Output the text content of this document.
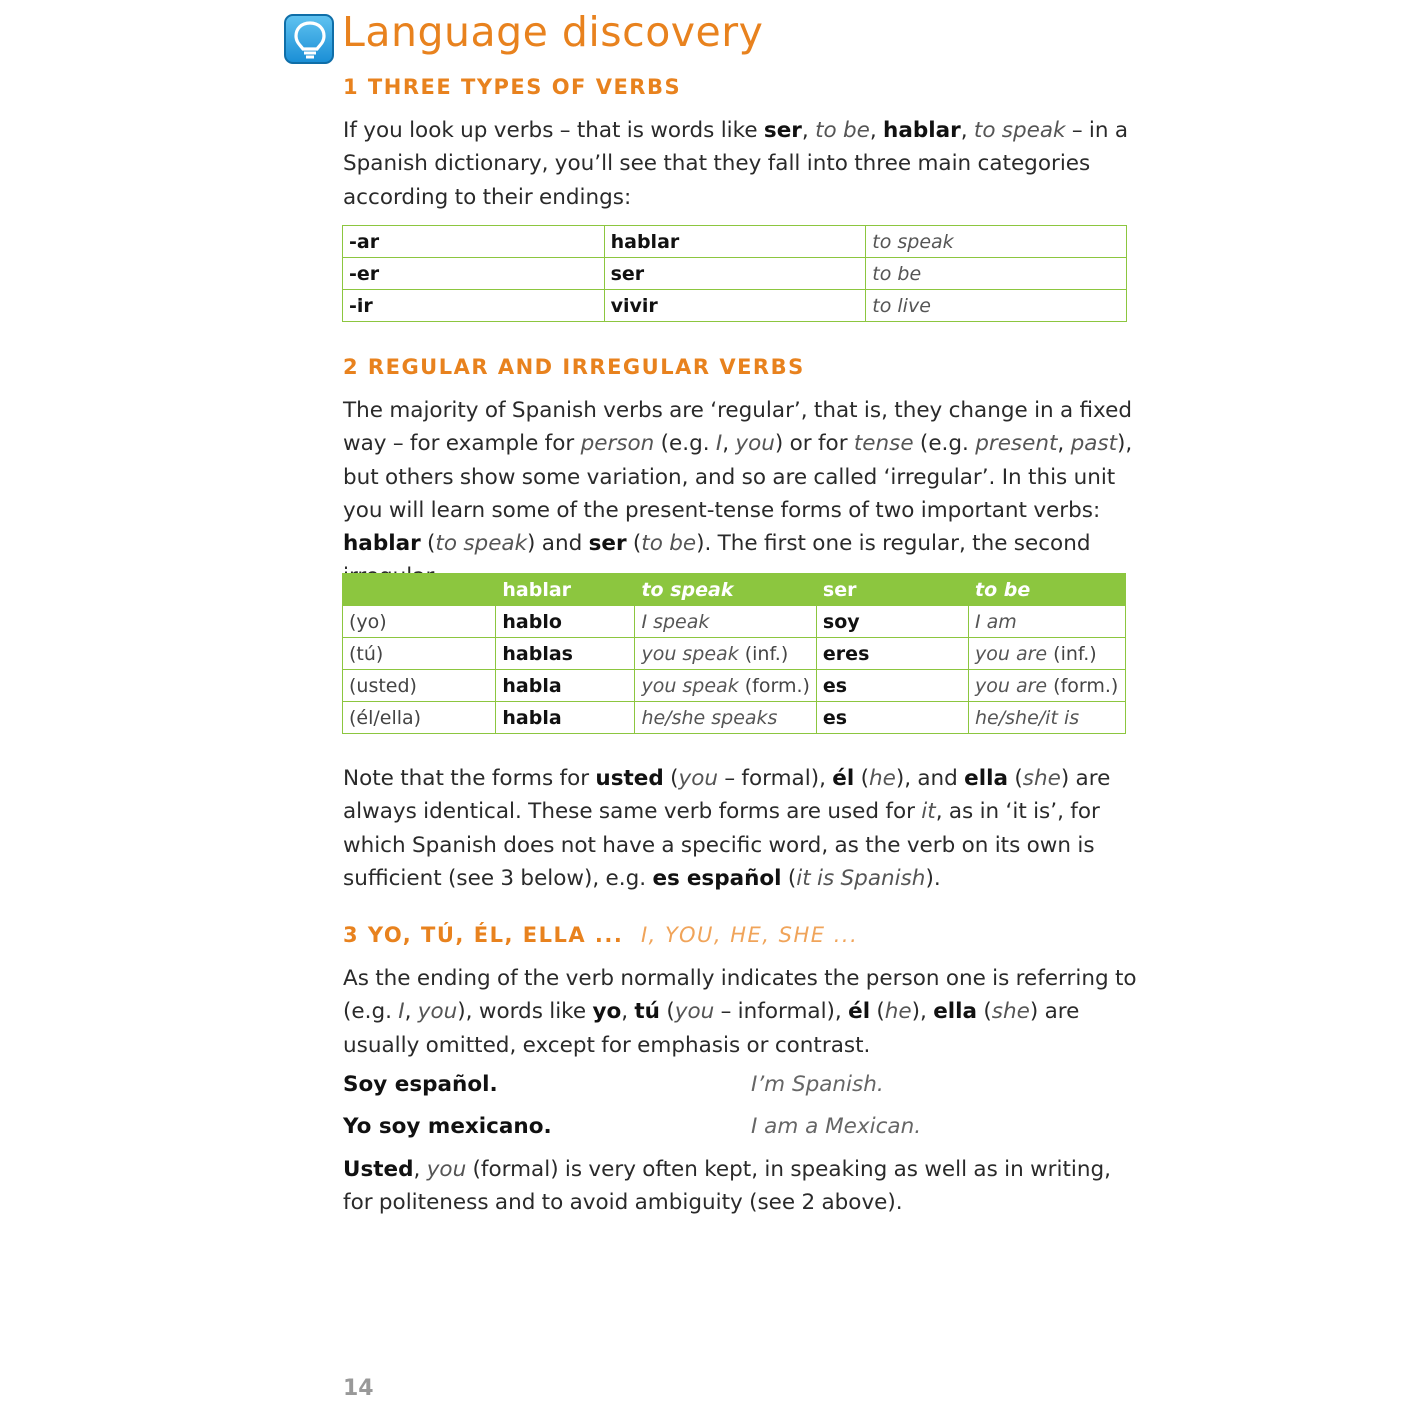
Language discovery
1 THREE TYPES OF VERBS

If you look up verbs – that is words like ser, to be, hablar, to speak – in a Spanish dictionary, you’ll see that they fall into three main categories according to their endings:

-ar	hablar	to speak
-er	ser	to be
-ir	vivir	to live
2 REGULAR AND IRREGULAR VERBS

The majority of Spanish verbs are ‘regular’, that is, they change in a fixed way – for example for person (e.g. I, you) or for tense (e.g. present, past), but others show some variation, and so are called ‘irregular’. In this unit you will learn some of the present-tense forms of two important verbs: hablar (to speak) and ser (to be). The first one is regular, the second

	hablar	to speak	ser	to be
(yo)	hablo	I speak	soy	I am
(tú)	hablas	you speak (inf.)	eres	you are (inf.)
(usted)	habla	you speak (form.)	es	you are (form.)
(él/ella)	habla	he/she speaks	es	he/she/it is

Note that the forms for usted (you – formal), él (he), and ella (she) are always identical. These same verb forms are used for it, as in ‘it is’, for which Spanish does not have a specific word, as the verb on its own is sufficient (see 3 below), e.g. es español (it is Spanish).

3 YO, TÚ, ÉL, ELLA ... I, YOU, HE, SHE ...

As the ending of the verb normally indicates the person one is referring to (e.g. I, you), words like yo, tú (you – informal), él (he), ella (she) are usually omitted, except for emphasis or contrast.

Soy español.	I’m Spanish.
Yo soy mexicano.	I am a Mexican.

Usted, you (formal) is very often kept, in speaking as well as in writing, for politeness and to avoid ambiguity (see 2 above).

14
